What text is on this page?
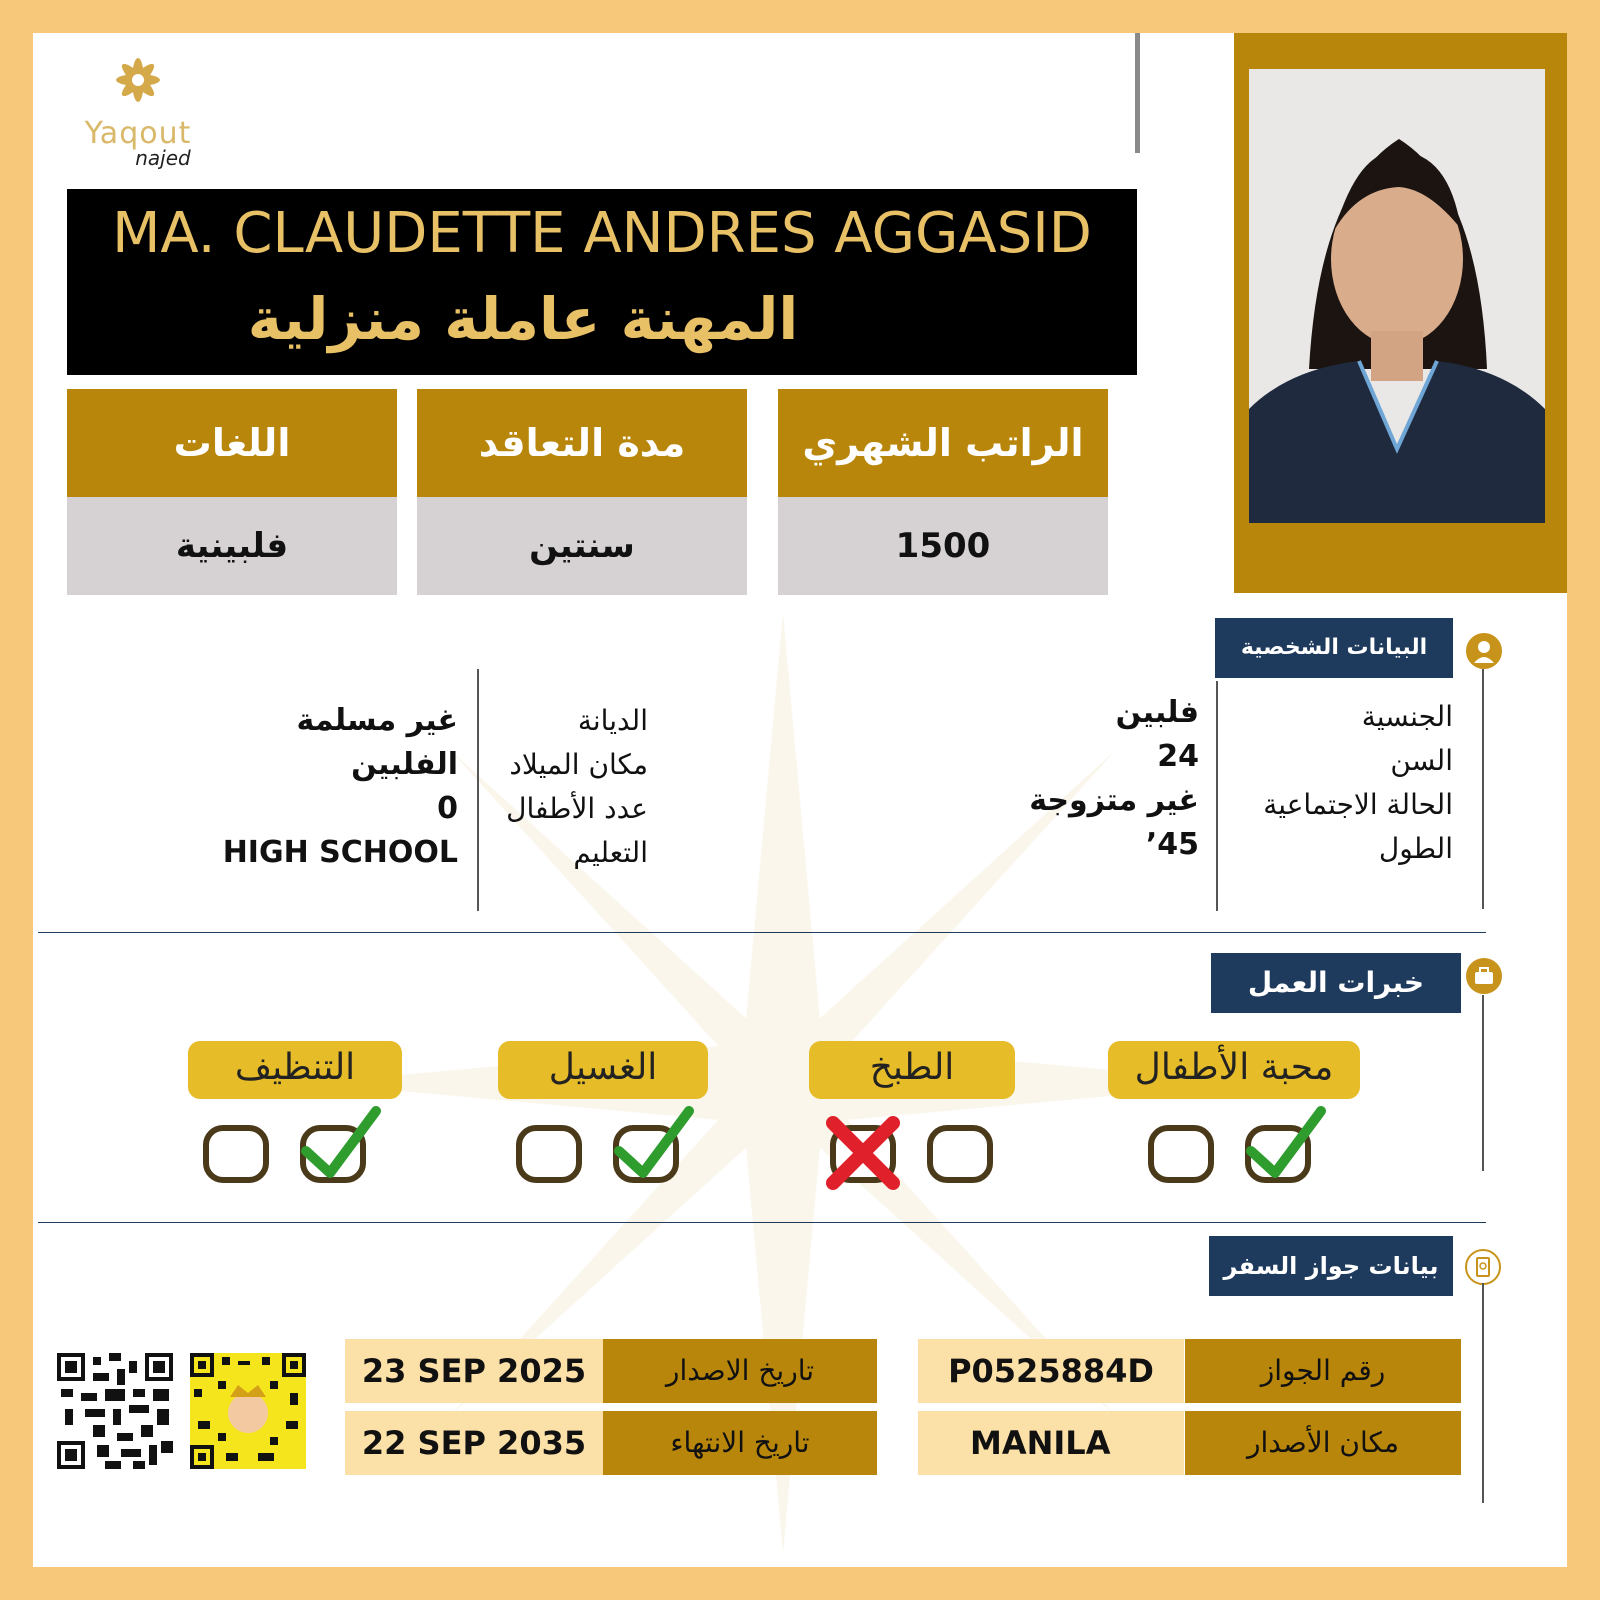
Yaqout
najed
MA. CLAUDETTE ANDRES AGGASID
المهنة عاملة منزلية
اللغات
فلبينية
مدة التعاقد
سنتين
الراتب الشهري
1500
البيانات الشخصية
الجنسية
السن
الحالة الاجتماعية
الطول
فلبين
24
غير متزوجة
45’
الديانة
مكان الميلاد
عدد الأطفال
التعليم
غير مسلمة
الفلبين
0
HIGH SCHOOL
خبرات العمل
محبة الأطفال
الطبخ
الغسيل
التنظيف
بيانات جواز السفر
رقم الجواز
P0525884D
مكان الأصدار
MANILA
تاريخ الاصدار
23 SEP 2025
تاريخ الانتهاء
22 SEP 2035
